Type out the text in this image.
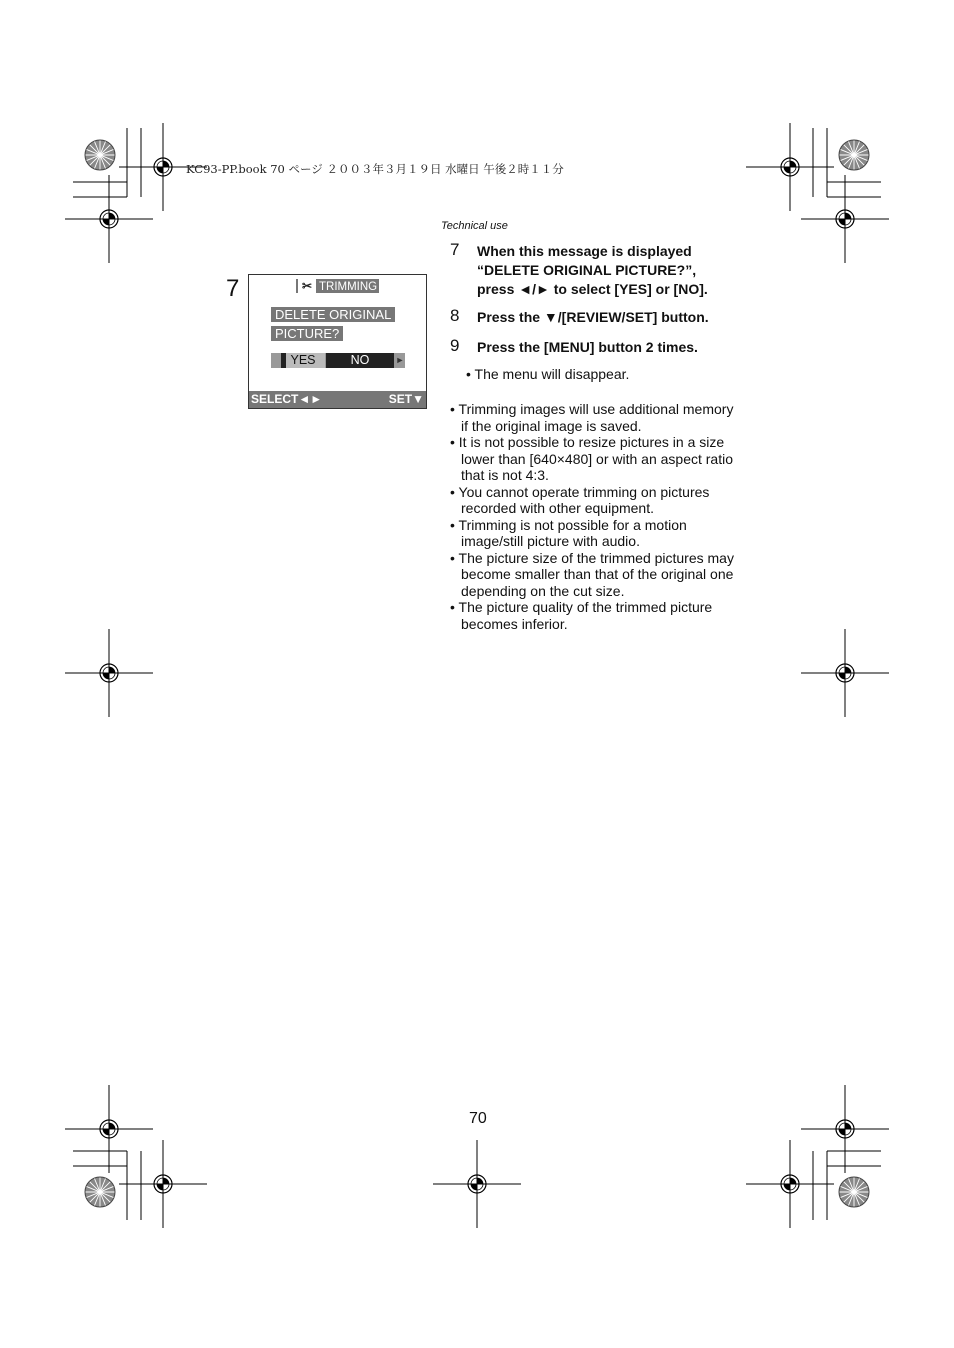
KC93-PP.book 70 ページ ２００３年３月１９日 水曜日 午後２時１１分
Technical use
7	✂ TRIMMING
DELETE ORIGINAL
PICTURE?
YES	NO	►
SELECT◄►	SET▼
7 When this message is displayed
“DELETE ORIGINAL PICTURE?”,
press ◄/► to select [YES] or [NO].
8 Press the ▼/[REVIEW/SET] button.
9 Press the [MENU] button 2 times.
• The menu will disappear.
• Trimming images will use additional memory
if the original image is saved.
• It is not possible to resize pictures in a size
lower than [640×480] or with an aspect ratio
that is not 4:3.
• You cannot operate trimming on pictures
recorded with other equipment.
• Trimming is not possible for a motion
image/still picture with audio.
• The picture size of the trimmed pictures may
become smaller than that of the original one
depending on the cut size.
• The picture quality of the trimmed picture
becomes inferior.
70
